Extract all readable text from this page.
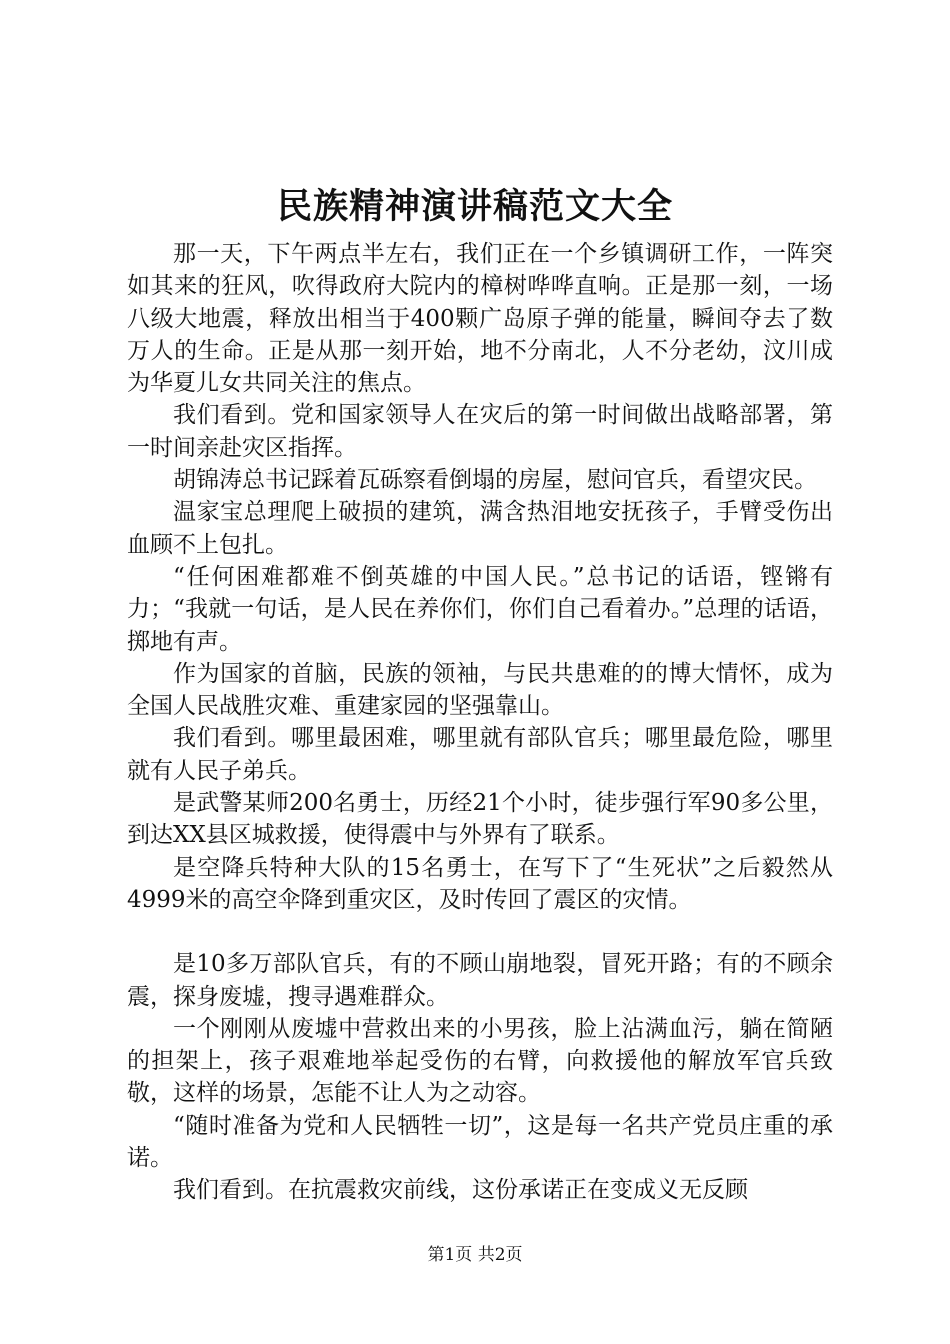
民族精神演讲稿范文大全

那一天，下午两点半左右，我们正在一个乡镇调研工作，一阵突如其来的狂风，吹得政府大院内的樟树哗哗直响。正是那一刻，一场八级大地震，释放出相当于400颗广岛原子弹的能量，瞬间夺去了数万人的生命。正是从那一刻开始，地不分南北，人不分老幼，汶川成为华夏儿女共同关注的焦点。

我们看到。党和国家领导人在灾后的第一时间做出战略部署，第一时间亲赴灾区指挥。

胡锦涛总书记踩着瓦砾察看倒塌的房屋，慰问官兵，看望灾民。

温家宝总理爬上破损的建筑，满含热泪地安抚孩子，手臂受伤出血顾不上包扎。

“任何困难都难不倒英雄的中国人民。”总书记的话语，铿锵有力；“我就一句话，是人民在养你们，你们自己看着办。”总理的话语，掷地有声。

作为国家的首脑，民族的领袖，与民共患难的的博大情怀，成为全国人民战胜灾难、重建家园的坚强靠山。

我们看到。哪里最困难，哪里就有部队官兵；哪里最危险，哪里就有人民子弟兵。

是武警某师200名勇士，历经21个小时，徒步强行军90多公里，到达XX县区城救援，使得震中与外界有了联系。

是空降兵特种大队的15名勇士，在写下了“生死状”之后毅然从4999米的高空伞降到重灾区，及时传回了震区的灾情。

是10多万部队官兵，有的不顾山崩地裂，冒死开路；有的不顾余震，探身废墟，搜寻遇难群众。

一个刚刚从废墟中营救出来的小男孩，脸上沾满血污，躺在简陋的担架上，孩子艰难地举起受伤的右臂，向救援他的解放军官兵致敬，这样的场景，怎能不让人为之动容。

“随时准备为党和人民牺牲一切”，这是每一名共产党员庄重的承诺。

我们看到。在抗震救灾前线，这份承诺正在变成义无反顾

第1页 共2页
